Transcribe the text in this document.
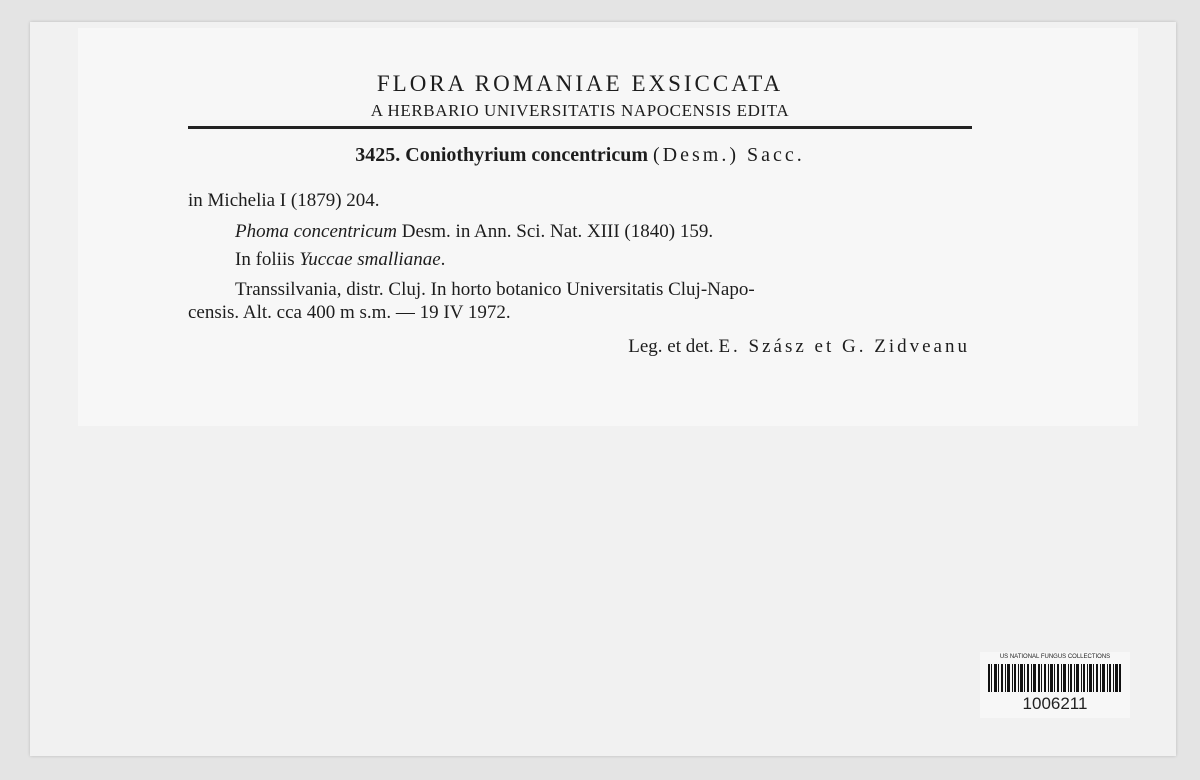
FLORA ROMANIAE EXSICCATA
A HERBARIO UNIVERSITATIS NAPOCENSIS EDITA
3425. Coniothyrium concentricum (Desm.) Sacc.
in Michelia I (1879) 204.
Phoma concentricum Desm. in Ann. Sci. Nat. XIII (1840) 159.
In foliis Yuccae smallianae.
Transsilvania, distr. Cluj. In horto botanico Universitatis Cluj-Napo-
censis. Alt. cca 400 m s.m. — 19 IV 1972.
Leg. et det. E. Szász et G. Zidveanu
US NATIONAL FUNGUS COLLECTIONS
1006211
